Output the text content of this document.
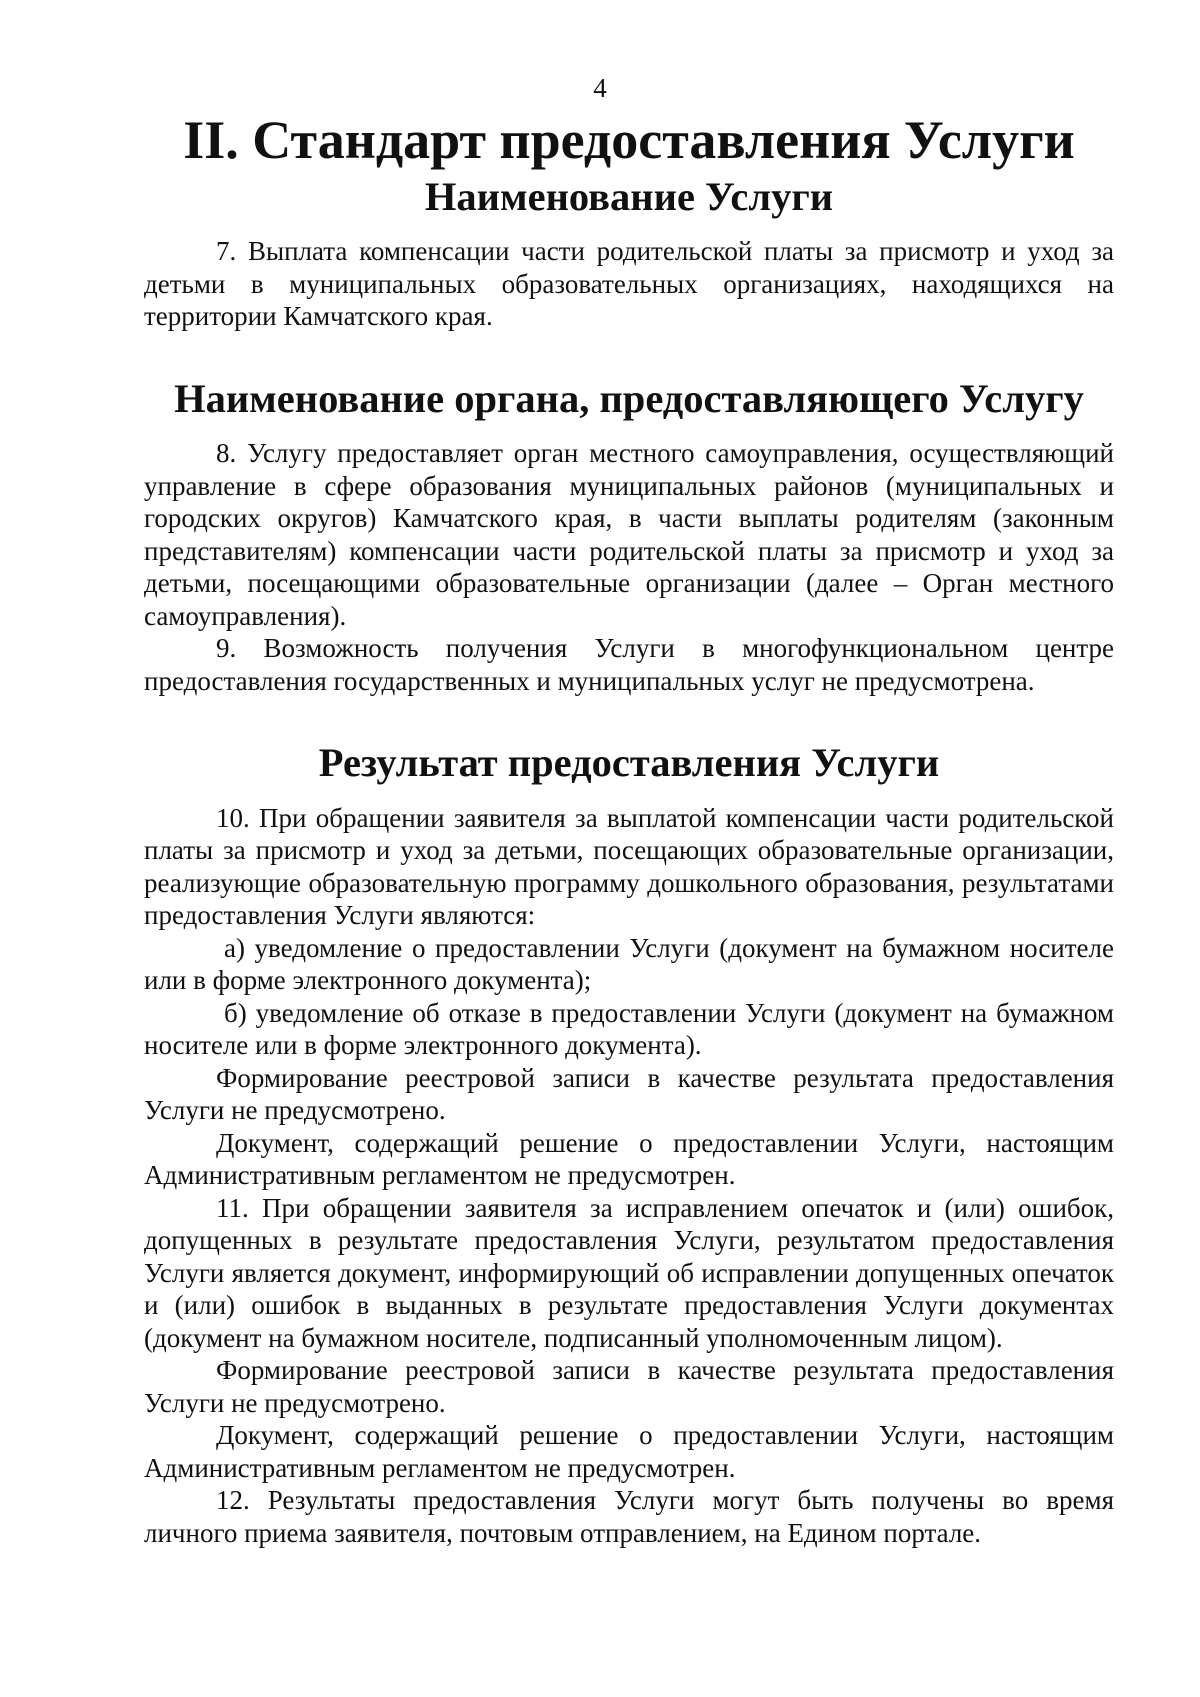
4
II. Стандарт предоставления Услуги
Наименование Услуги

7. Выплата компенсации части родительской платы за присмотр и уход за детьми в муниципальных образовательных организациях, находящихся на территории Камчатского края.

Наименование органа, предоставляющего Услугу

8. Услугу предоставляет орган местного самоуправления, осуществляющий управление в сфере образования муниципальных районов (муниципальных и городских округов) Камчатского края, в части выплаты родителям (законным представителям) компенсации части родительской платы за присмотр и уход за детьми, посещающими образовательные организации (далее – Орган местного самоуправления).

9. Возможность получения Услуги в многофункциональном центре предоставления государственных и муниципальных услуг не предусмотрена.

Результат предоставления Услуги

10. При обращении заявителя за выплатой компенсации части родительской платы за присмотр и уход за детьми, посещающих образовательные организации, реализующие образовательную программу дошкольного образования, результатами предоставления Услуги являются:

а) уведомление о предоставлении Услуги (документ на бумажном носителе или в форме электронного документа);

б) уведомление об отказе в предоставлении Услуги (документ на бумажном носителе или в форме электронного документа).

Формирование реестровой записи в качестве результата предоставления Услуги не предусмотрено.

Документ, содержащий решение о предоставлении Услуги, настоящим Административным регламентом не предусмотрен.

11. При обращении заявителя за исправлением опечаток и (или) ошибок, допущенных в результате предоставления Услуги, результатом предоставления Услуги является документ, информирующий об исправлении допущенных опечаток и (или) ошибок в выданных в результате предоставления Услуги документах (документ на бумажном носителе, подписанный уполномоченным лицом).

Формирование реестровой записи в качестве результата предоставления Услуги не предусмотрено.

Документ, содержащий решение о предоставлении Услуги, настоящим Административным регламентом не предусмотрен.

12. Результаты предоставления Услуги могут быть получены во время личного приема заявителя, почтовым отправлением, на Едином портале.
